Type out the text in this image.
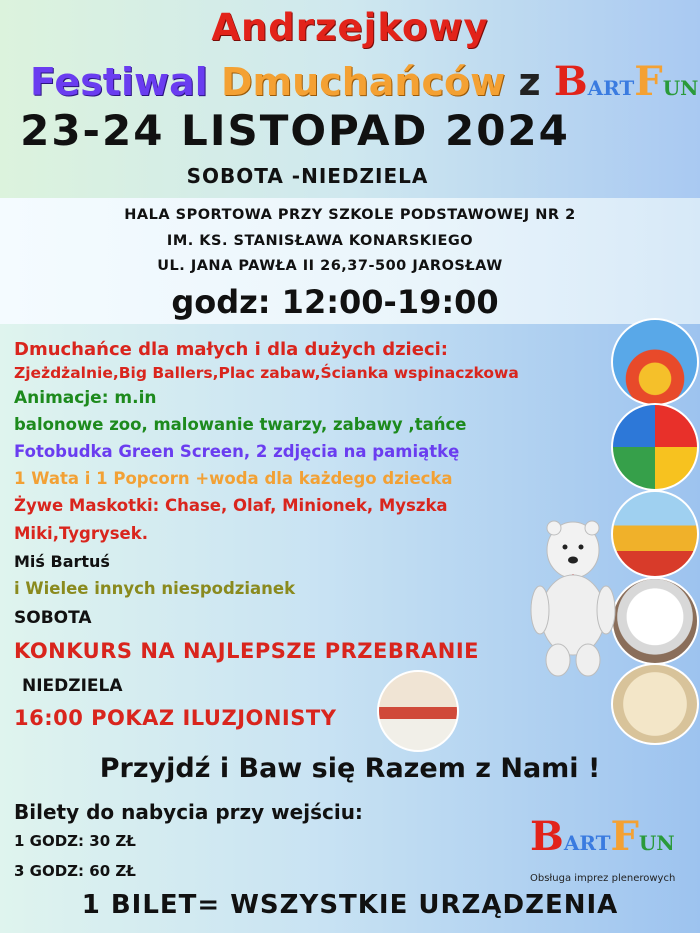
Andrzejkowy
Festiwal Dmuchańców z BARTFUN
23-24 LISTOPAD 2024
SOBOTA -NIEDZIELA
HALA SPORTOWA PRZY SZKOLE PODSTAWOWEJ NR 2
IM. KS. STANISŁAWA KONARSKIEGO
UL. JANA PAWŁA II 26,37-500 JAROSŁAW
godz: 12:00-19:00
Dmuchańce dla małych i dla dużych dzieci:
Zjeżdżalnie,Big Ballers,Plac zabaw,Ścianka wspinaczkowa
Animacje: m.in
balonowe zoo, malowanie twarzy, zabawy ,tańce
Fotobudka Green Screen, 2 zdjęcia na pamiątkę
1 Wata i 1 Popcorn +woda dla każdego dziecka
Żywe Maskotki: Chase, Olaf, Minionek, Myszka
Miki,Tygrysek.
Miś Bartuś
i Wielee innych niespodzianek
SOBOTA
KONKURS NA NAJLEPSZE PRZEBRANIE
NIEDZIELA
16:00 POKAZ ILUZJONISTY
Przyjdź i Baw się Razem z Nami !
Bilety do nabycia przy wejściu:
1 GODZ: 30 ZŁ
3 GODZ: 60 ZŁ
BARTFUN
Obsługa imprez plenerowych
1 BILET= WSZYSTKIE URZĄDZENIA
